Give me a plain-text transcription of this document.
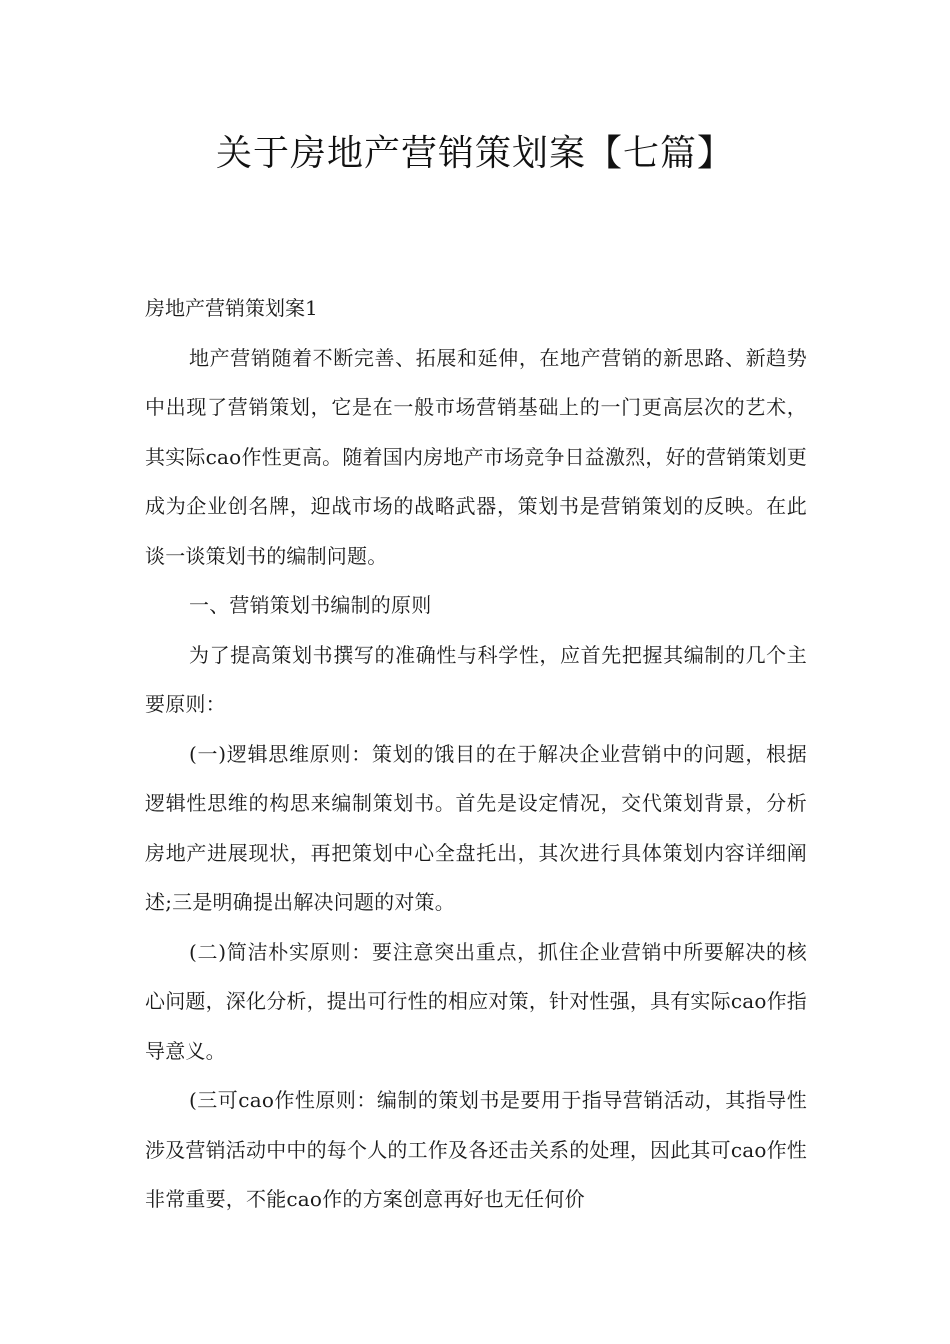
关于房地产营销策划案【七篇】

房地产营销策划案1

地产营销随着不断完善、拓展和延伸，在地产营销的新思路、新趋势中出现了营销策划，它是在一般市场营销基础上的一门更高层次的艺术，其实际cao作性更高。随着国内房地产市场竞争日益激烈，好的营销策划更成为企业创名牌，迎战市场的战略武器，策划书是营销策划的反映。在此谈一谈策划书的编制问题。

一、营销策划书编制的原则

为了提高策划书撰写的准确性与科学性，应首先把握其编制的几个主要原则：

(一)逻辑思维原则：策划的饿目的在于解决企业营销中的问题，根据逻辑性思维的构思来编制策划书。首先是设定情况，交代策划背景，分析房地产进展现状，再把策划中心全盘托出，其次进行具体策划内容详细阐述;三是明确提出解决问题的对策。

(二)简洁朴实原则：要注意突出重点，抓住企业营销中所要解决的核心问题，深化分析，提出可行性的相应对策，针对性强，具有实际cao作指导意义。

(三可cao作性原则：编制的策划书是要用于指导营销活动，其指导性涉及营销活动中中的每个人的工作及各还击关系的处理，因此其可cao作性非常重要，不能cao作的方案创意再好也无任何价
